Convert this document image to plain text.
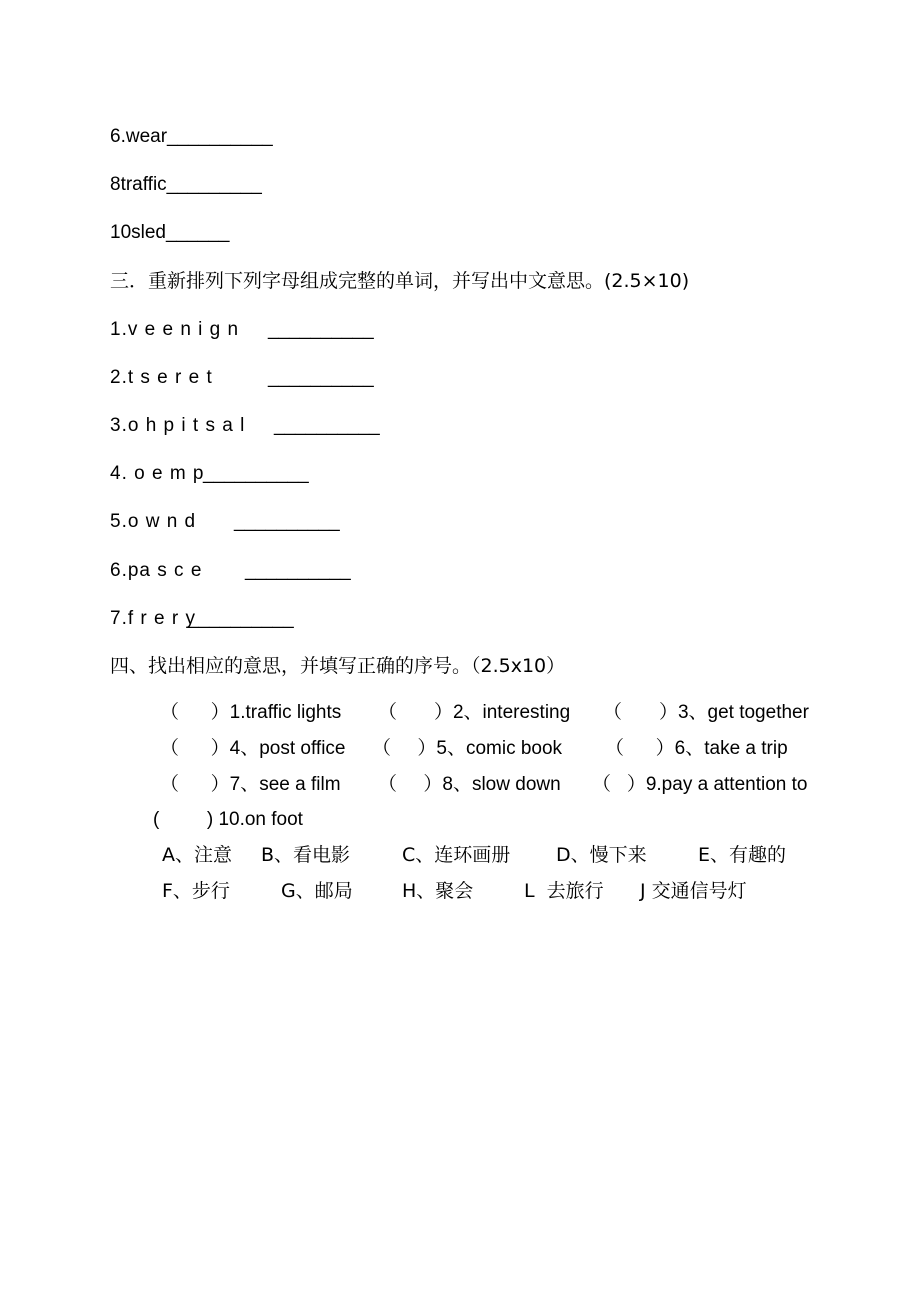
6.wear__________
8traffic_________
10sled______
三．重新排列下列字母组成完整的单词，并写出中文意思。(2.5×10)
1.v e e n i g n __________
2.t s e r e t	__________
3.o h p i t s a l __________
4. o e m p
__________
5.o w n d __________
6.pa s c e __________
7.f r e r y
__________
四、找出相应的意思，并填写正确的序号。（2.5x10）
（      ）1.traffic lights （       ）2、interesting （       ）3、get together
（      ）4、post office （     ）5、comic book （      ）6、take a trip
（      ）7、see a film （     ）8、slow down （   ）9.pay a attention to
(         ) 10.on foot
A、注意 B、看电影	C、连环画册 D、慢下来	E、有趣的
F、步行	G、邮局	H、聚会	L  去旅行 J 交通信号灯
